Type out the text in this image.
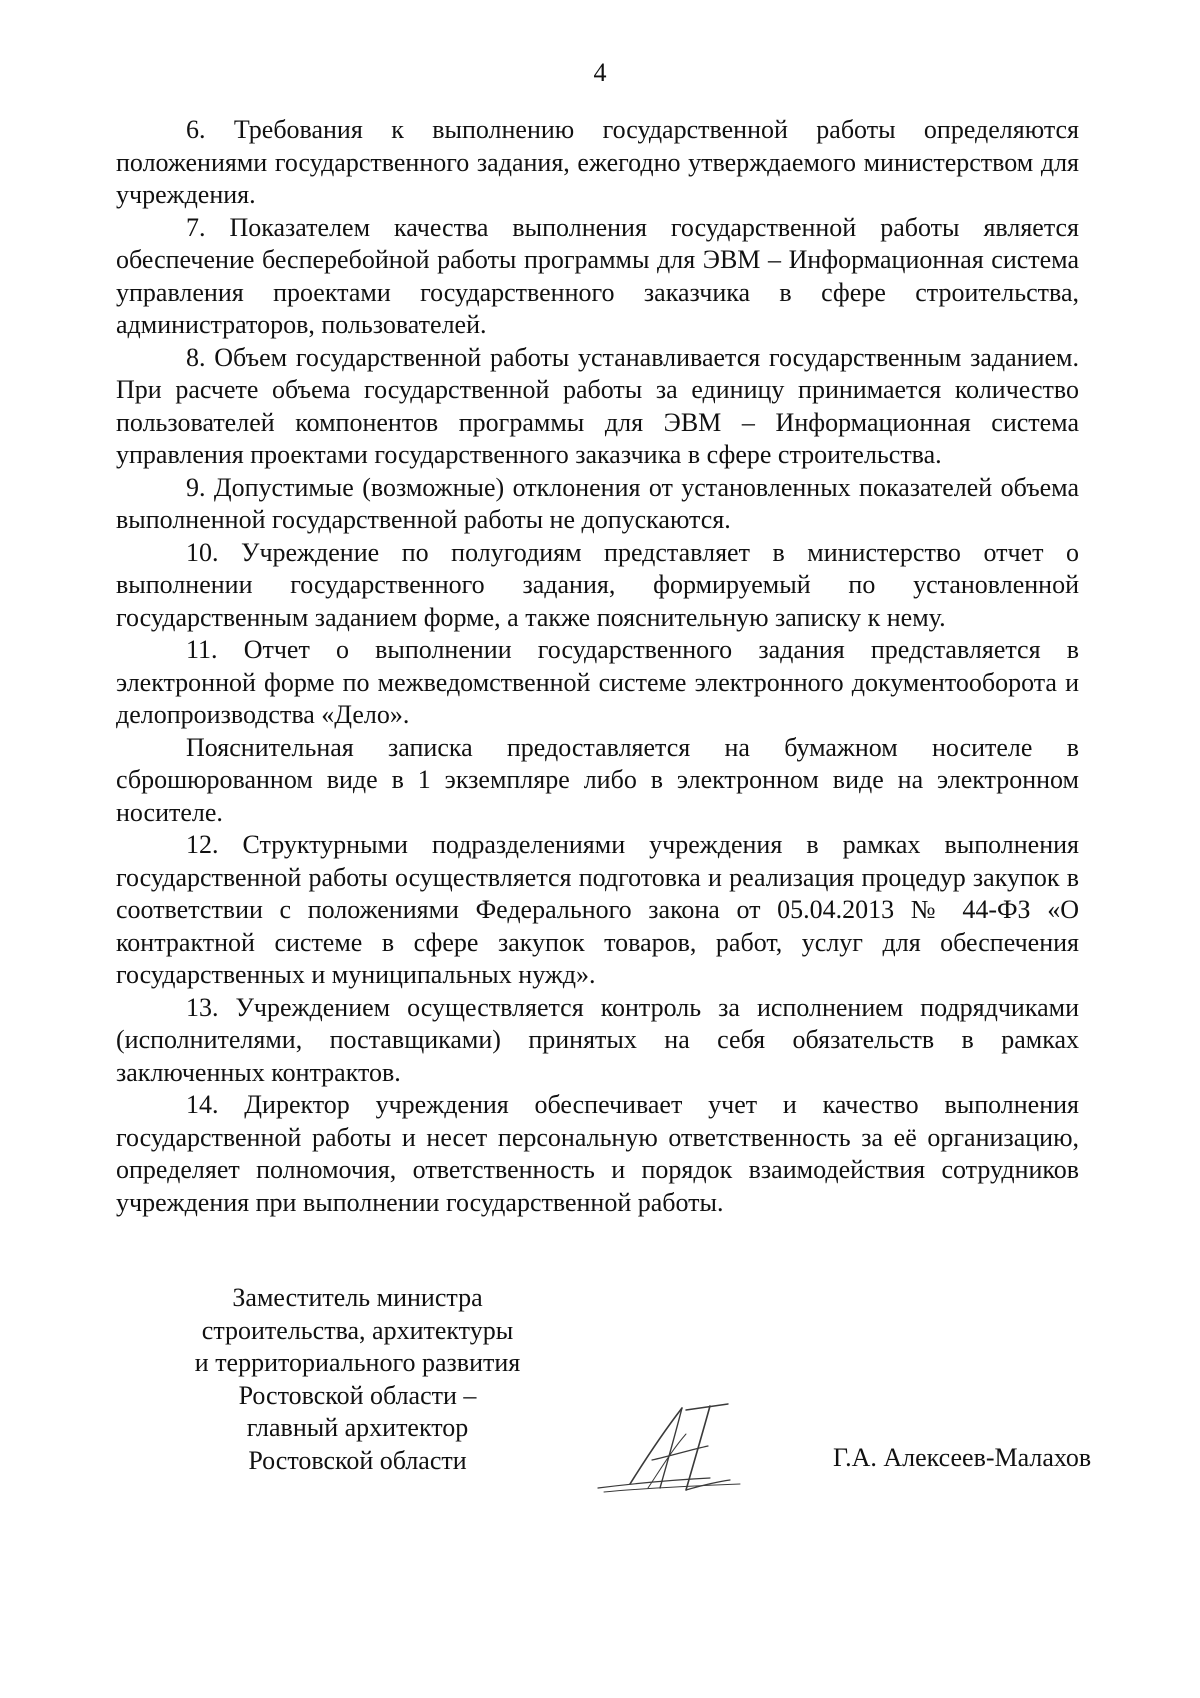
4

6. Требования к выполнению государственной работы определяются положениями государственного задания, ежегодно утверждаемого министерством для учреждения.

7. Показателем качества выполнения государственной работы является обеспечение бесперебойной работы программы для ЭВМ – Информационная система управления проектами государственного заказчика в сфере строительства, администраторов, пользователей.

8. Объем государственной работы устанавливается государственным заданием. При расчете объема государственной работы за единицу принимается количество пользователей компонентов программы для ЭВМ – Информационная система управления проектами государственного заказчика в сфере строительства.

9. Допустимые (возможные) отклонения от установленных показателей объема выполненной государственной работы не допускаются.

10. Учреждение по полугодиям представляет в министерство отчет о выполнении государственного задания, формируемый по установленной государственным заданием форме, а также пояснительную записку к нему.

11. Отчет о выполнении государственного задания представляется в электронной форме по межведомственной системе электронного документооборота и делопроизводства «Дело».

Пояснительная записка предоставляется на бумажном носителе в сброшюрованном виде в 1 экземпляре либо в электронном виде на электронном носителе.

12. Структурными подразделениями учреждения в рамках выполнения государственной работы осуществляется подготовка и реализация процедур закупок в соответствии с положениями Федерального закона от 05.04.2013 № 44-ФЗ «О контрактной системе в сфере закупок товаров, работ, услуг для обеспечения государственных и муниципальных нужд».

13. Учреждением осуществляется контроль за исполнением подрядчиками (исполнителями, поставщиками) принятых на себя обязательств в рамках заключенных контрактов.

14. Директор учреждения обеспечивает учет и качество выполнения государственной работы и несет персональную ответственность за её организацию, определяет полномочия, ответственность и порядок взаимодействия сотрудников учреждения при выполнении государственной работы.

Заместитель министра
строительства, архитектуры
и территориального развития
Ростовской области –
главный архитектор
Ростовской области	Г.А. Алексеев-Малахов
